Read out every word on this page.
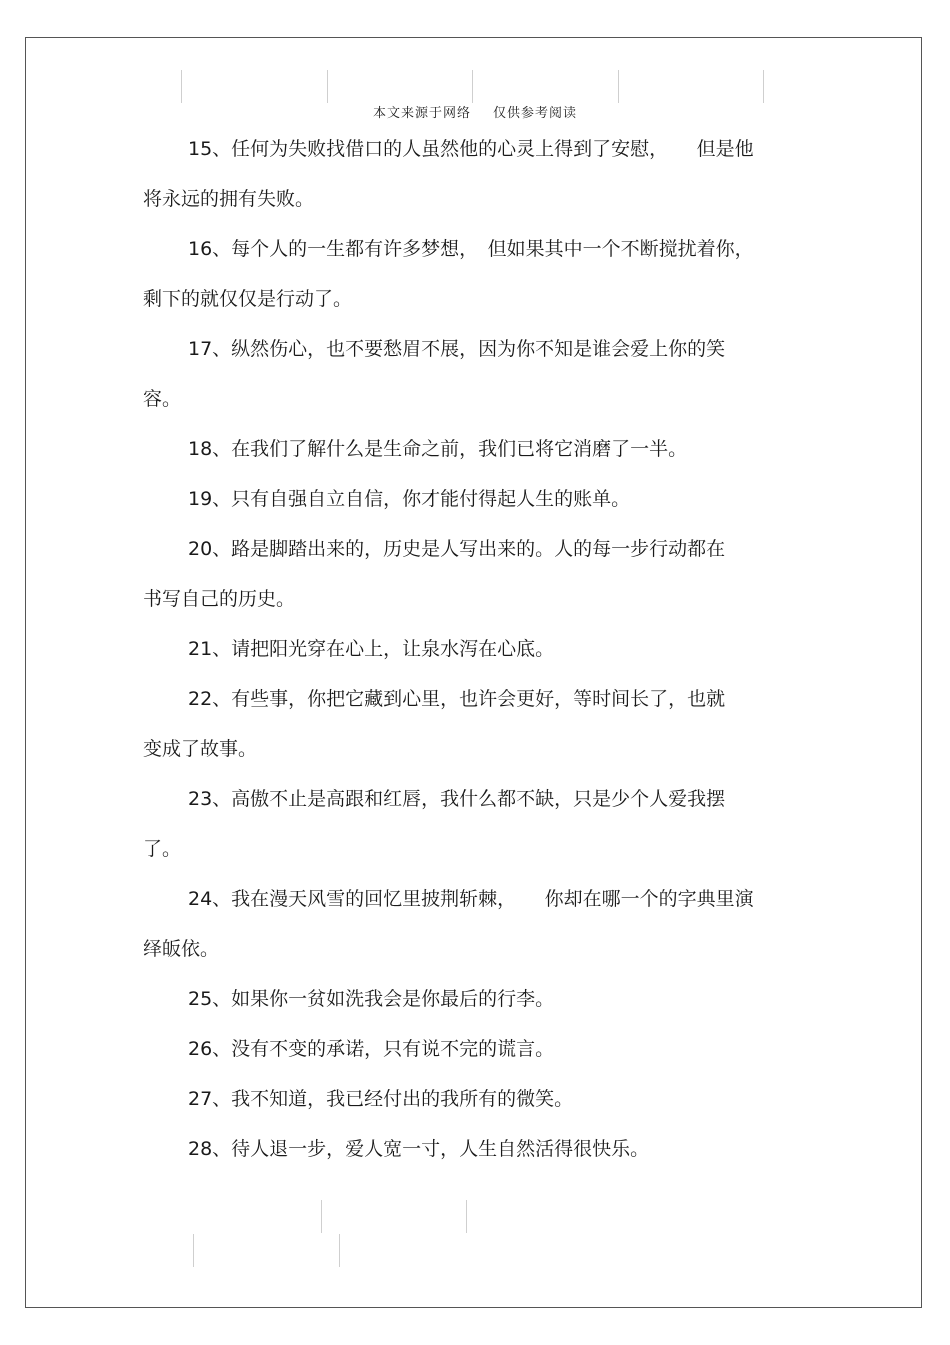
本文来源于网络 仅供参考阅读
15、任何为失败找借口的人虽然他的心灵上得到了安慰，　　但是他
将永远的拥有失败。
16、每个人的一生都有许多梦想，　但如果其中一个不断搅扰着你，
剩下的就仅仅是行动了。
17、纵然伤心，也不要愁眉不展，因为你不知是谁会爱上你的笑
容。
18、在我们了解什么是生命之前，我们已将它消磨了一半。
19、只有自强自立自信，你才能付得起人生的账单。
20、路是脚踏出来的，历史是人写出来的。人的每一步行动都在
书写自己的历史。
21、请把阳光穿在心上，让泉水泻在心底。
22、有些事，你把它藏到心里，也许会更好，等时间长了，也就
变成了故事。
23、高傲不止是高跟和红唇，我什么都不缺，只是少个人爱我摆
了。
24、我在漫天风雪的回忆里披荆斩棘，　　你却在哪一个的字典里演
绎皈依。
25、如果你一贫如洗我会是你最后的行李。
26、没有不变的承诺，只有说不完的谎言。
27、我不知道，我已经付出的我所有的微笑。
28、待人退一步，爱人宽一寸，人生自然活得很快乐。
